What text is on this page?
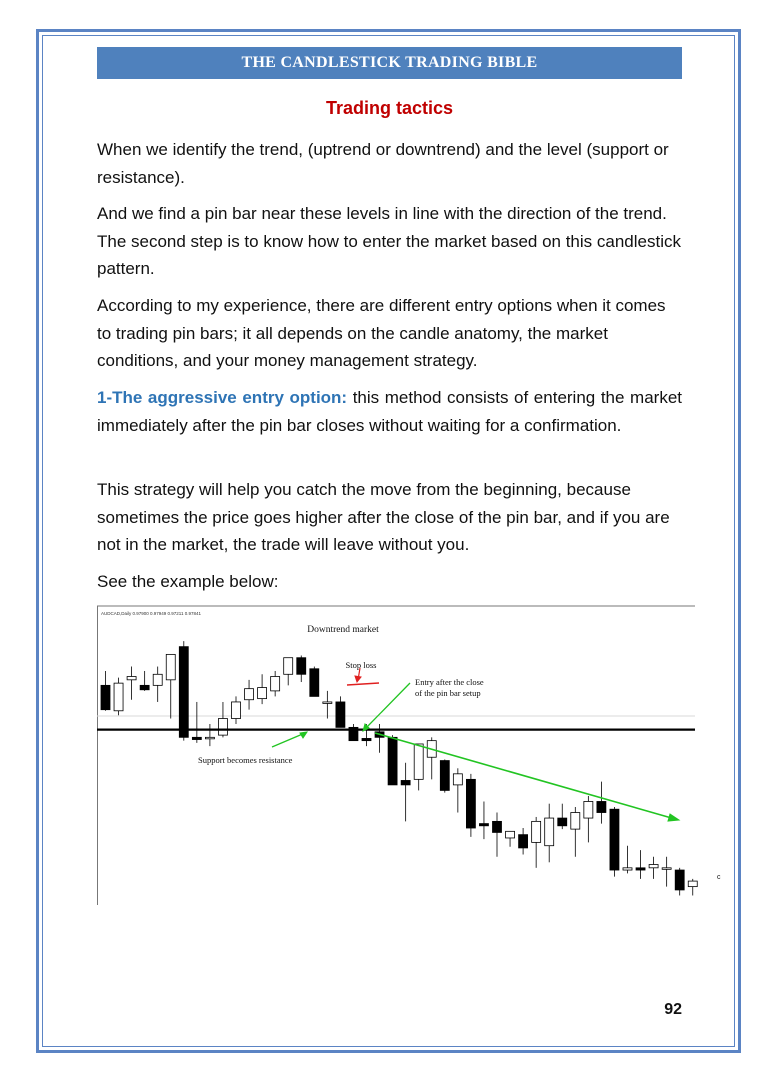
THE CANDLESTICK TRADING BIBLE
Trading tactics

When we identify the trend, (uptrend or downtrend) and the level (support or resistance).

And we find a pin bar near these levels in line with the direction of the trend. The second step is to know how to enter the market based on this candlestick pattern.

According to my experience, there are different entry options when it comes to trading pin bars; it all depends on the candle anatomy, the market conditions, and your money management strategy.

1-The aggressive entry option: this method consists of entering the market immediately after the pin bar closes without waiting for a confirmation.

This strategy will help you catch the move from the beginning, because sometimes the price goes higher after the close of the pin bar, and if you are not in the market, the trade will leave without you.

See the example below:

AUDCAD,Daily 0.97900 0.97949 0.97211 0.97841
Downtrend market
Stop loss
Entry after the close
of the pin bar setup
Support becomes resistance
c
92
